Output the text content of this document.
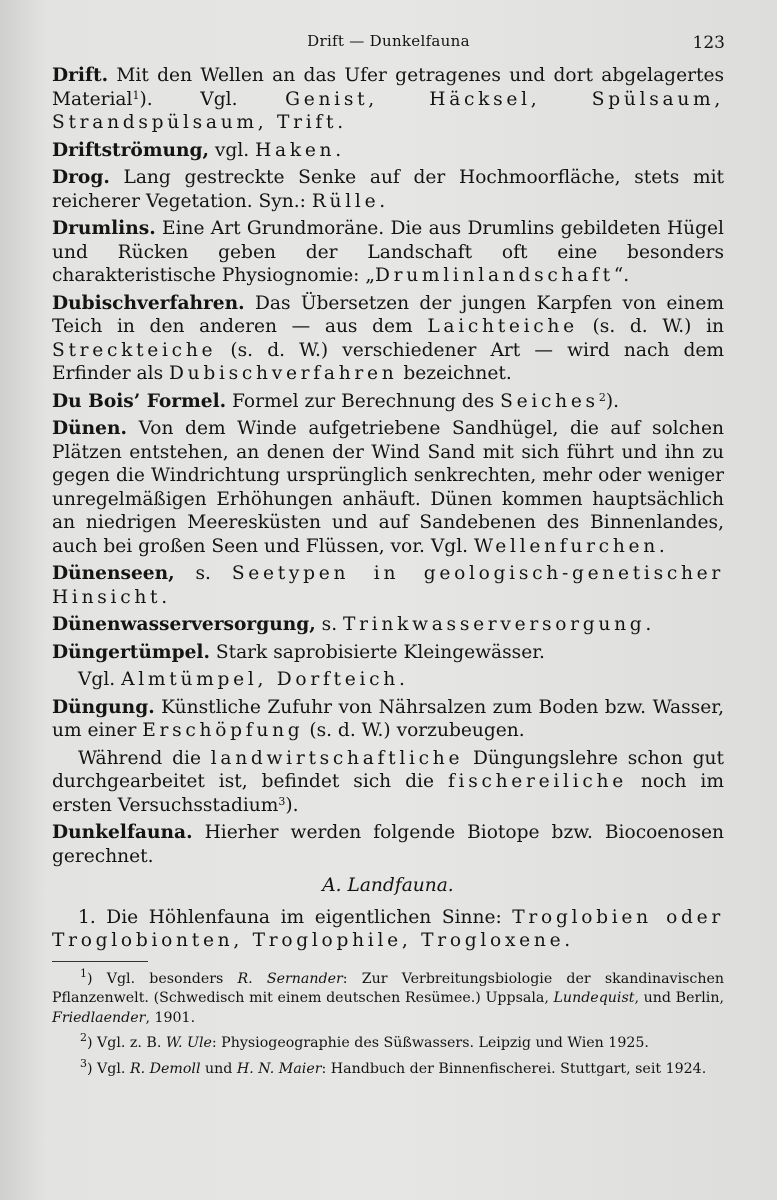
Drift — Dunkelfauna	123

Drift. Mit den Wellen an das Ufer getragenes und dort abgelagertes Material$^1$). Vgl. Genist, Häcksel, Spülsaum, Strandspülsaum, Trift.

Driftströmung, vgl. Haken.

Drog. Lang gestreckte Senke auf der Hochmoorfläche, stets mit reicherer Vegetation. Syn.: Rülle.

Drumlins. Eine Art Grundmoräne. Die aus Drumlins gebildeten Hügel und Rücken geben der Landschaft oft eine besonders charakteristische Physiognomie: „Drumlinlandschaft“.

Dubischverfahren. Das Übersetzen der jungen Karpfen von einem Teich in den anderen — aus dem Laichteiche (s. d. W.) in Streckteiche (s. d. W.) verschiedener Art — wird nach dem Erfinder als Dubischverfahren bezeichnet.

Du Bois’ Formel. Formel zur Berechnung des Seiches$^2$).

Dünen. Von dem Winde aufgetriebene Sandhügel, die auf solchen Plätzen entstehen, an denen der Wind Sand mit sich führt und ihn zu gegen die Windrichtung ursprünglich senkrechten, mehr oder weniger unregelmäßigen Erhöhungen anhäuft. Dünen kommen hauptsächlich an niedrigen Meeresküsten und auf Sandebenen des Binnenlandes, auch bei großen Seen und Flüssen, vor. Vgl. Wellenfurchen.

Dünenseen, s. Seetypen in geologisch-genetischer Hinsicht.

Dünenwasserversorgung, s. Trinkwasserversorgung.

Düngertümpel. Stark saprobisierte Kleingewässer.

Vgl. Almtümpel, Dorfteich.

Düngung. Künstliche Zufuhr von Nährsalzen zum Boden bzw. Wasser, um einer Erschöpfung (s. d. W.) vorzubeugen.

Während die landwirtschaftliche Düngungslehre schon gut durchgearbeitet ist, befindet sich die fischereiliche noch im ersten Versuchsstadium$^3$).

Dunkelfauna. Hierher werden folgende Biotope bzw. Biocoenosen gerechnet.

A. Landfauna.

1. Die Höhlenfauna im eigentlichen Sinne: Troglobien oder Troglobionten, Troglophile, Trogloxene.

$^1$) Vgl. besonders R. Sernander: Zur Verbreitungsbiologie der skandinavischen Pflanzenwelt. (Schwedisch mit einem deutschen Resümee.) Uppsala, Lundequist, und Berlin, Friedlaender, 1901.

$^2$) Vgl. z. B. W. Ule: Physiogeographie des Süßwassers. Leipzig und Wien 1925.

$^3$) Vgl. R. Demoll und H. N. Maier: Handbuch der Binnenfischerei. Stuttgart, seit 1924.
